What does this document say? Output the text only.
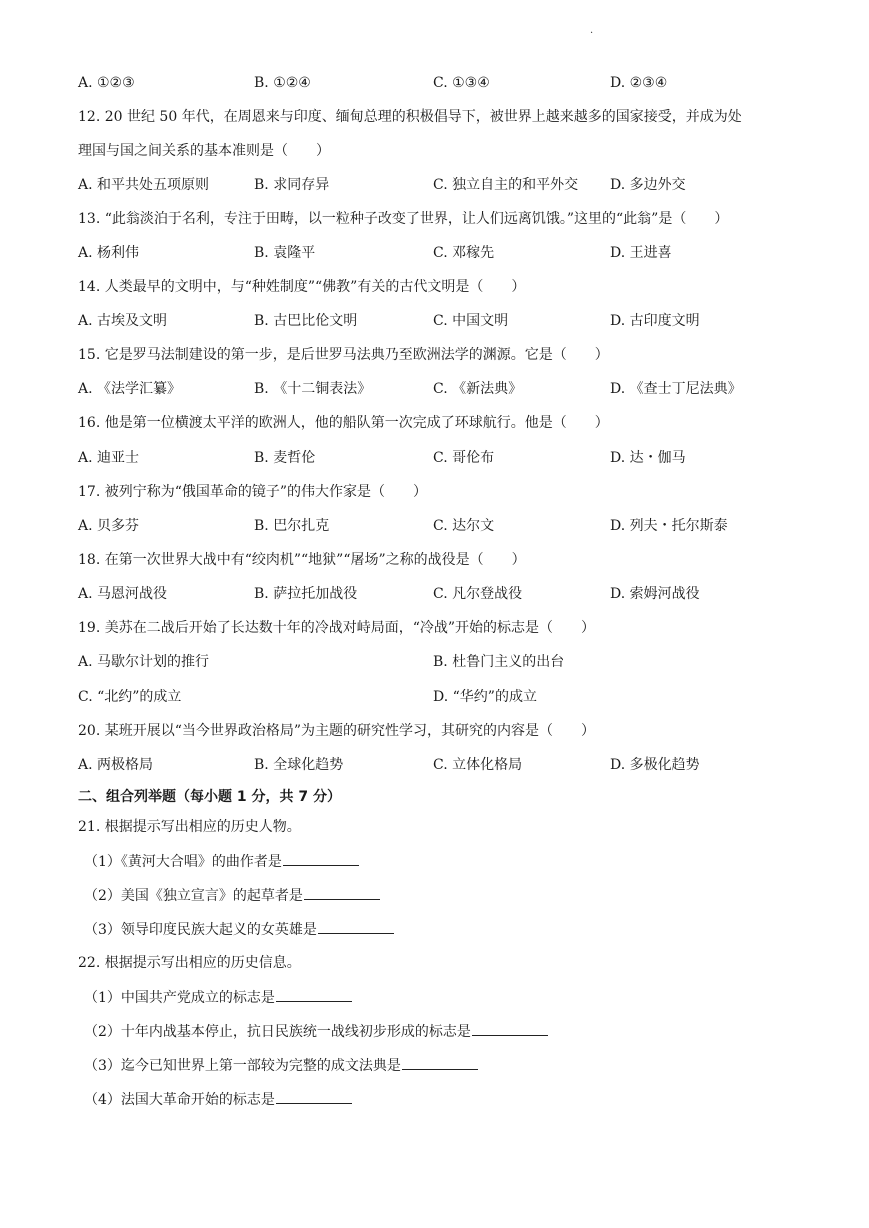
·
A. ①②③	B. ①②④	C. ①③④	D. ②③④
12. 20 世纪 50 年代，在周恩来与印度、缅甸总理的积极倡导下，被世界上越来越多的国家接受，并成为处
理国与国之间关系的基本准则是（　　）
A. 和平共处五项原则	B. 求同存异	C. 独立自主的和平外交 D. 多边外交
13. “此翁淡泊于名利，专注于田畴，以一粒种子改变了世界，让人们远离饥饿。”这里的“此翁”是（　　）
A. 杨利伟	B. 袁隆平	C. 邓稼先	D. 王进喜
14. 人类最早的文明中，与“种姓制度”“佛教”有关的古代文明是（　　）
A. 古埃及文明	B. 古巴比伦文明	C. 中国文明	D. 古印度文明
15. 它是罗马法制建设的第一步，是后世罗马法典乃至欧洲法学的渊源。它是（　　）
A. 《法学汇纂》	B. 《十二铜表法》	C. 《新法典》	D. 《查士丁尼法典》
16. 他是第一位横渡太平洋的欧洲人，他的船队第一次完成了环球航行。他是（　　）
A. 迪亚士	B. 麦哲伦	C. 哥伦布	D. 达・伽马
17. 被列宁称为“俄国革命的镜子”的伟大作家是（　　）
A. 贝多芬	B. 巴尔扎克	C. 达尔文	D. 列夫・托尔斯泰
18. 在第一次世界大战中有“绞肉机”“地狱”“屠场”之称的战役是（　　）
A. 马恩河战役	B. 萨拉托加战役	C. 凡尔登战役	D. 索姆河战役
19. 美苏在二战后开始了长达数十年的冷战对峙局面，“冷战”开始的标志是（　　）
A. 马歇尔计划的推行	B. 杜鲁门主义的出台
C. “北约”的成立	D. “华约”的成立
20. 某班开展以“当今世界政治格局”为主题的研究性学习，其研究的内容是（　　）
A. 两极格局	B. 全球化趋势	C. 立体化格局	D. 多极化趋势
二、组合列举题（每小题 1 分，共 7 分）
21. 根据提示写出相应的历史人物。
（1）《黄河大合唱》的曲作者是
（2）美国《独立宣言》的起草者是
（3）领导印度民族大起义的女英雄是
22. 根据提示写出相应的历史信息。
（1）中国共产党成立的标志是
（2）十年内战基本停止，抗日民族统一战线初步形成的标志是
（3）迄今已知世界上第一部较为完整的成文法典是
（4）法国大革命开始的标志是
